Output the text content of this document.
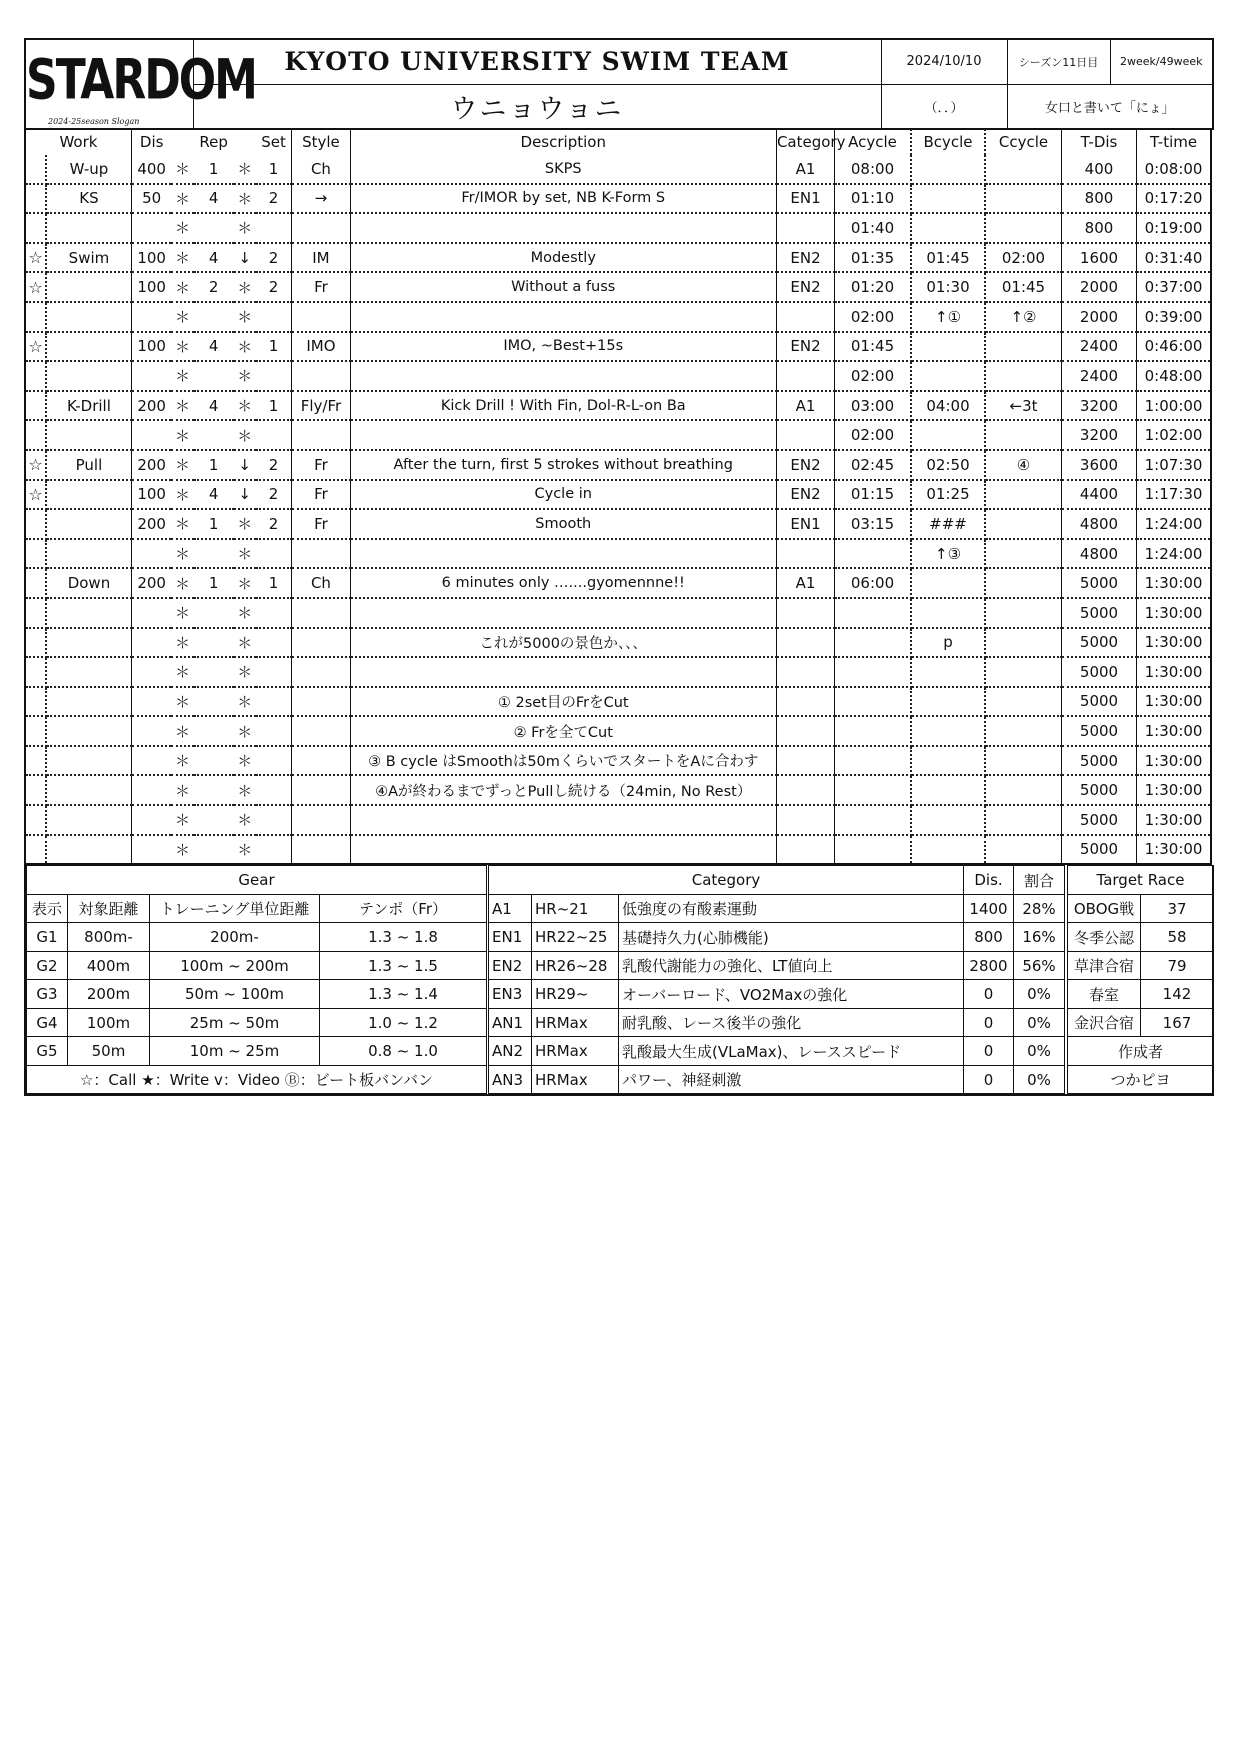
STARDOM
2024-25season Slogan	KYOTO UNIVERSITY SWIM TEAM	2024/10/10	シーズン11日目	2week/49week
	ウニョウョニ	（．．）	女口と書いて「にょ」	
Work		Dis		Rep		Set	Style	Description	Category	Acycle	Bcycle	Ccycle	T-Dis	T-time
	W-up	400	＊	1	＊	1	Ch	SKPS	A1	08:00			400	0:08:00
	KS	50	＊	4	＊	2	→	Fr/IMOR by set, NB K-Form S	EN1	01:10			800	0:17:20
			＊		＊					01:40			800	0:19:00
☆	Swim	100	＊	4	↓	2	IM	Modestly	EN2	01:35	01:45	02:00	1600	0:31:40
☆		100	＊	2	＊	2	Fr	Without a fuss	EN2	01:20	01:30	01:45	2000	0:37:00
			＊		＊					02:00	↑①	↑②	2000	0:39:00
☆		100	＊	4	＊	1	IMO	IMO, ~Best+15s	EN2	01:45			2400	0:46:00
			＊		＊					02:00			2400	0:48:00
	K-Drill	200	＊	4	＊	1	Fly/Fr	Kick Drill ! With Fin, Dol-R-L-on Ba	A1	03:00	04:00	←3t	3200	1:00:00
			＊		＊					02:00			3200	1:02:00
☆	Pull	200	＊	1	↓	2	Fr	After the turn, first 5 strokes without breathing	EN2	02:45	02:50	④	3600	1:07:30
☆		100	＊	4	↓	2	Fr	Cycle in	EN2	01:15	01:25		4400	1:17:30
		200	＊	1	＊	2	Fr	Smooth	EN1	03:15	###		4800	1:24:00
			＊		＊						↑③		4800	1:24:00
	Down	200	＊	1	＊	1	Ch	6 minutes only …....gyomennne!!	A1	06:00			5000	1:30:00
			＊		＊								5000	1:30:00
			＊		＊			これが5000の景色か、、、			p		5000	1:30:00
			＊		＊								5000	1:30:00
			＊		＊			① 2set目のFrをCut					5000	1:30:00
			＊		＊			② Frを全てCut					5000	1:30:00
			＊		＊			③ B cycle はSmoothは50mくらいでスタートをAに合わす					5000	1:30:00
			＊		＊			④Aが終わるまでずっとPullし続ける（24min, No Rest）					5000	1:30:00
			＊		＊								5000	1:30:00
			＊		＊								5000	1:30:00
Gear
表示	対象距離	トレーニング単位距離	テンポ（Fr）
G1	800m-	200m-	1.3 ~ 1.8
G2	400m	100m ~ 200m	1.3 ~ 1.5
G3	200m	50m ~ 100m	1.3 ~ 1.4
G4	100m	25m ~ 50m	1.0 ~ 1.2
G5	50m	10m ~ 25m	0.8 ~ 1.0
☆：Call ★：Write v：Video Ⓑ：ビート板バンバン

Category	Dis.	割合
A1	HR~21	低強度の有酸素運動	1400	28%
EN1	HR22~25	基礎持久力(心肺機能)	800	16%
EN2	HR26~28	乳酸代謝能力の強化、LT値向上	2800	56%
EN3	HR29~	オーバーロード、VO2Maxの強化	0	0%
AN1	HRMax	耐乳酸、レース後半の強化	0	0%
AN2	HRMax	乳酸最大生成(VLaMax)、レーススピード	0	0%
AN3	HRMax	パワー、神経刺激	0	0%

Target Race
OBOG戦	37
冬季公認	58
草津合宿	79
春室	142
金沢合宿	167
作成者
つかピヨ
